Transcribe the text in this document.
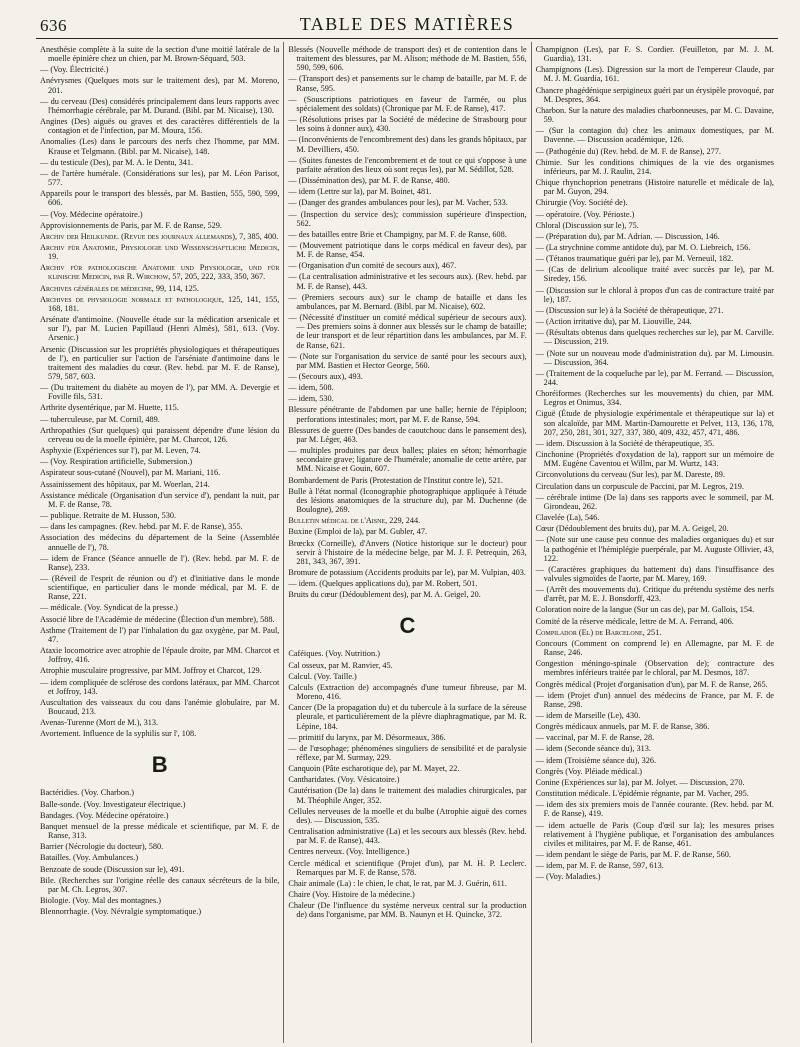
636	TABLE DES MATIÈRES
Anesthésie complète à la suite de la section d'une moitié latérale de la moelle épinière chez un chien, par M. Brown-Séquard, 503.
— (Voy. Électricité.)
Anévrysmes (Quelques mots sur le traitement des), par M. Moreno, 201.
— du cerveau (Des) considérés principalement dans leurs rapports avec l'hémorrhagie cérébrale, par M. Durand. (Bibl. par M. Nicaise), 130.
Angines (Des) aiguës ou graves et des caractères différentiels de la contagion et de l'infection, par M. Moura, 156.
Anomalies (Les) dans le parcours des nerfs chez l'homme, par MM. Krause et Telgmann. (Bibl. par M. Nicaise), 148.
— du testicule (Des), par M. A. le Dentu, 341.
— de l'artère humérale. (Considérations sur les), par M. Léon Parisot, 577.
Appareils pour le transport des blessés, par M. Bastien, 555, 590, 599, 606.
— (Voy. Médecine opératoire.)
Approvisionnements de Paris, par M. F. de Ranse, 529.
Archiv der Heilkunde. (Revue des journaux allemands), 7, 385, 400.
Archiv für Anatomie, Physiologie und Wissenschaftliche Medicin, 19.
Archiv für pathologische Anatomie und Physiologie, und für klinische Medicin, par R. Wirchow, 57, 205, 222, 333, 350, 367.
Archives générales de médecine, 99, 114, 125.
Archives de physiologie normale et pathologique, 125, 141, 155, 168, 181.
Arsénate d'antimoine. (Nouvelle étude sur la médication arsenicale et sur l'), par M. Lucien Papillaud (Henri Almès), 581, 613. (Voy. Arsenic.)
Arsenic (Discussion sur les propriétés physiologiques et thérapeutiques de l'), en particulier sur l'action de l'arséniate d'antimoine dans le traitement des maladies du cœur. (Rev. hebd. par M. F. de Ranse), 579, 587, 603.
— (Du traitement du diabète au moyen de l'), par MM. A. Devergie et Foville fils, 531.
Arthrite dysentérique, par M. Huette, 115.
— tuberculeuse, par M. Cornil, 489.
Arthropathies (Sur quelques) qui paraissent dépendre d'une lésion du cerveau ou de la moelle épinière, par M. Charcot, 126.
Asphyxie (Expériences sur l'), par M. Leven, 74.
— (Voy. Respiration artificielle, Submersion.)
Aspirateur sous-cutané (Nouvel), par M. Mariani, 116.
Assainissement des hôpitaux, par M. Woerlan, 214.
Assistance médicale (Organisation d'un service d'), pendant la nuit, par M. F. de Ranse, 78.
— publique. Retraite de M. Husson, 530.
— dans les campagnes. (Rev. hebd. par M. F. de Ranse), 355.
Association des médecins du département de la Seine (Assemblée annuelle de l'), 78.
— idem de France (Séance annuelle de l'). (Rev. hebd. par M. F. de Ranse), 233.
— (Réveil de l'esprit de réunion ou d') et d'initiative dans le monde scientifique, en particulier dans le monde médical, par M. F. de Ranse, 221.
— médicale. (Voy. Syndicat de la presse.)
Associé libre de l'Académie de médecine (Élection d'un membre), 588.
Asthme (Traitement de l') par l'inhalation du gaz oxygène, par M. Paul, 47.
Ataxie locomotrice avec atrophie de l'épaule droite, par MM. Charcot et Joffroy, 416.
Atrophie musculaire progressive, par MM. Joffroy et Charcot, 129.
— idem compliquée de sclérose des cordons latéraux, par MM. Charcot et Joffroy, 143.
Auscultation des vaisseaux du cou dans l'anémie globulaire, par M. Boucaud, 213.
Avenas-Turenne (Mort de M.), 313.
Avortement. Influence de la syphilis sur l', 108.
B
Bactéridies. (Voy. Charbon.)
Balle-sonde. (Voy. Investigateur électrique.)
Bandages. (Voy. Médecine opératoire.)
Banquet mensuel de la presse médicale et scientifique, par M. F. de Ranse, 313.
Barrier (Nécrologie du docteur), 580.
Batailles. (Voy. Ambulances.)
Benzoate de soude (Discussion sur le), 491.
Bile. (Recherches sur l'origine réelle des canaux sécréteurs de la bile, par M. Ch. Legros, 307.
Biologie. (Voy. Mal des montagnes.)
Blennorrhagie. (Voy. Névralgie symptomatique.)
Blessés (Nouvelle méthode de transport des) et de contention dans le traitement des blessures, par M. Alison; méthode de M. Bastien, 556, 590, 599, 606.
— (Transport des) et pansements sur le champ de bataille, par M. F. de Ranse, 595.
— (Souscriptions patriotiques en faveur de l'armée, ou plus spécialement des soldats) (Chronique par M. F. de Ranse), 417.
— (Résolutions prises par la Société de médecine de Strasbourg pour les soins à donner aux), 430.
— (Inconvénients de l'encombrement des) dans les grands hôpitaux, par M. Devilliers, 450.
— (Suites funestes de l'encombrement et de tout ce qui s'oppose à une parfaite aération des lieux où sont reçus les), par M. Sédillot, 528.
— (Dissémination des), par M. F. de Ranse, 480.
— idem (Lettre sur la), par M. Boinet, 481.
— (Danger des grandes ambulances pour les), par M. Vacher, 533.
— (Inspection du service des); commission supérieure d'inspection, 562.
— des batailles entre Brie et Champigny, par M. F. de Ranse, 608.
— (Mouvement patriotique dans le corps médical en faveur des), par M. F. de Ranse, 454.
— (Organisation d'un comité de secours aux), 467.
— (La centralisation administrative et les secours aux). (Rev. hebd. par M. F. de Ranse), 443.
— (Premiers secours aux) sur le champ de bataille et dans les ambulances, par M. Bernard. (Bibl. par M. Nicaise), 602.
— (Nécessité d'instituer un comité médical supérieur de secours aux). — Des premiers soins à donner aux blessés sur le champ de bataille; de leur transport et de leur répartition dans les ambulances, par M. F. de Ranse, 621.
— (Note sur l'organisation du service de santé pour les secours aux), par MM. Bastien et Hector George, 560.
— (Secours aux), 493.
— idem, 508.
— idem, 530.
Blessure pénétrante de l'abdomen par une balle; hernie de l'épiploon; perforations intestinales; mort, par M. F. de Ranse, 594.
Blessures de guerre (Des bandes de caoutchouc dans le pansement des), par M. Léger, 463.
— multiples produites par deux balles; plaies en séton; hémorrhagie secondaire grave; ligature de l'humérale; anomalie de cette artère, par MM. Nicaise et Gouin, 607.
Bombardement de Paris (Protestation de l'Institut contre le), 521.
Bulle à l'état normal (Iconographie photographique appliquée à l'étude des lésions anatomiques de la structure du), par M. Duchenne (de Boulogne), 269.
Bulletin médical de l'Aisne, 229, 244.
Buxine (Emploi de la), par M. Gubler, 47.
Brœckx (Corneille), d'Anvers (Notice historique sur le docteur) pour servir à l'histoire de la médecine belge, par M. J. F. Petrequin, 263, 281, 343, 367, 391.
Bromure de potassium (Accidents produits par le), par M. Vulpian, 403.
— idem. (Quelques applications du), par M. Robert, 501.
Bruits du cœur (Dédoublement des), par M. A. Geigel, 20.
C
Caféiques. (Voy. Nutrition.)
Cal osseux, par M. Ranvier, 45.
Calcul. (Voy. Taille.)
Calculs (Extraction de) accompagnés d'une tumeur fibreuse, par M. Moreno, 416.
Cancer (De la propagation du) et du tubercule à la surface de la séreuse pleurale, et particulièrement de la plèvre diaphragmatique, par M. R. Lépine, 184.
— primitif du larynx, par M. Désormeaux, 386.
— de l'œsophage; phénomènes singuliers de sensibilité et de paralysie réflexe, par M. Surmay, 229.
Canquoin (Pâte escharotique de), par M. Mayet, 22.
Cantharidates. (Voy. Vésicatoire.)
Cautérisation (De la) dans le traitement des maladies chirurgicales, par M. Théophile Anger, 352.
Cellules nerveuses de la moelle et du bulbe (Atrophie aiguë des cornes des). — Discussion, 535.
Centralisation administrative (La) et les secours aux blessés (Rev. hebd. par M. F. de Ranse), 443.
Centres nerveux. (Voy. Intelligence.)
Cercle médical et scientifique (Projet d'un), par M. H. P. Leclerc. Remarques par M. F. de Ranse, 578.
Chair animale (La) : le chien, le chat, le rat, par M. J. Guérin, 611.
Chaire (Voy. Histoire de la médecine.)
Chaleur (De l'influence du système nerveux central sur la production de) dans l'organisme, par MM. B. Naunyn et H. Quincke, 372.
Champignon (Les), par F. S. Cordier. (Feuilleton, par M. J. M. Guardia), 131.
Champignons (Les). Digression sur la mort de l'empereur Claude, par M. J. M. Guardia, 161.
Chancre phagédénique serpigineux guéri par un érysipèle provoqué, par M. Despres, 364.
Charbon. Sur la nature des maladies charbonneuses, par M. C. Davaine, 59.
— (Sur la contagion du) chez les animaux domestiques, par M. Davenne. — Discussion académique, 126.
— (Pathogénie du) (Rev. hebd. de M. F. de Ranse), 277.
Chimie. Sur les conditions chimiques de la vie des organismes inférieurs, par M. J. Raulin, 214.
Chique rhynchoprion penetrans (Histoire naturelle et médicale de la), par M. Guyon, 294.
Chirurgie (Voy. Société de).
— opératoire. (Voy. Périoste.)
Chloral (Discussion sur le), 75.
— (Préparation du), par M. Adrian. — Discussion, 146.
— (La strychnine comme antidote du), par M. O. Liebreich, 156.
— (Tétanos traumatique guéri par le), par M. Verneuil, 182.
— (Cas de delirium alcoolique traité avec succès par le), par M. Siredey, 156.
— (Discussion sur le chloral à propos d'un cas de contracture traité par le), 187.
— (Discussion sur le) à la Société de thérapeutique, 271.
— (Action irritative du), par M. Liouville, 244.
— (Résultats obtenus dans quelques recherches sur le), par M. Carville. — Discussion, 219.
— (Note sur un nouveau mode d'administration du). par M. Limousin. — Discussion, 364.
— (Traitement de la coqueluche par le), par M. Ferrand. — Discussion, 244.
Choréiformes (Recherches sur les mouvements) du chien, par MM. Legros et Onimus, 334.
Ciguë (Étude de physiologie expérimentale et thérapeutique sur la) et son alcaloïde, par MM. Martin-Damourette et Pelvet, 113, 136, 178, 207, 250, 281, 301, 327, 337, 380, 409, 432, 457, 471, 486.
— idem. Discussion à la Société de thérapeutique, 35.
Cinchonine (Propriétés d'oxydation de la), rapport sur un mémoire de MM. Eugène Caventou et Willm, par M. Wurtz, 143.
Circonvolutions du cerveau (Sur les), par M. Dareste, 89.
Circulation dans un corpuscule de Paccini, par M. Legros, 219.
— cérébrale intime (De la) dans ses rapports avec le sommeil, par M. Girondeau, 262.
Clavelée (La), 546.
Cœur (Dédoublement des bruits du), par M. A. Geigel, 20.
— (Note sur une cause peu connue des maladies organiques du) et sur la pathogénie et l'hémiplégie puerpérale, par M. Auguste Ollivier, 43, 122.
— (Caractères graphiques du battement du) dans l'insuffisance des valvules sigmoïdes de l'aorte, par M. Marey, 169.
— (Arrêt des mouvements du). Critique du prétendu système des nerfs d'arrêt, par M. E. J. Bonsdorff, 423.
Coloration noire de la langue (Sur un cas de), par M. Gallois, 154.
Comité de la réserve médicale, lettre de M. A. Ferrand, 406.
Compilador (El) de Barcelone, 251.
Concours (Comment on comprend le) en Allemagne, par M. F. de Ranse, 246.
Congestion méningo-spinale (Observation de); contracture des membres inférieurs traitée par le chloral, par M. Desmos, 187.
Congrès médical (Projet d'organisation d'un), par M. F. de Ranse, 265.
— idem (Projet d'un) annuel des médecins de France, par M. F. de Ranse, 298.
— idem de Marseille (Le), 430.
Congrès médicaux annuels, par M. F. de Ranse, 386.
— vaccinal, par M. F. de Ranse, 28.
— idem (Seconde séance du), 313.
— idem (Troisième séance du), 326.
Congrès (Voy. Pléiade médical.)
Conine (Expériences sur la), par M. Jolyet. — Discussion, 270.
Constitution médicale. L'épidémie régnante, par M. Vacher, 295.
— idem des six premiers mois de l'année courante. (Rev. hebd. par M. F. de Ranse), 419.
— idem actuelle de Paris (Coup d'œil sur la); les mesures prises relativement à l'hygiène publique, et l'organisation des ambulances civiles et militaires, par M. F. de Ranse, 461.
— idem pendant le siège de Paris, par M. F. de Ranse, 560.
— idem, par M. F. de Ranse, 597, 613.
— (Voy. Maladies.)
